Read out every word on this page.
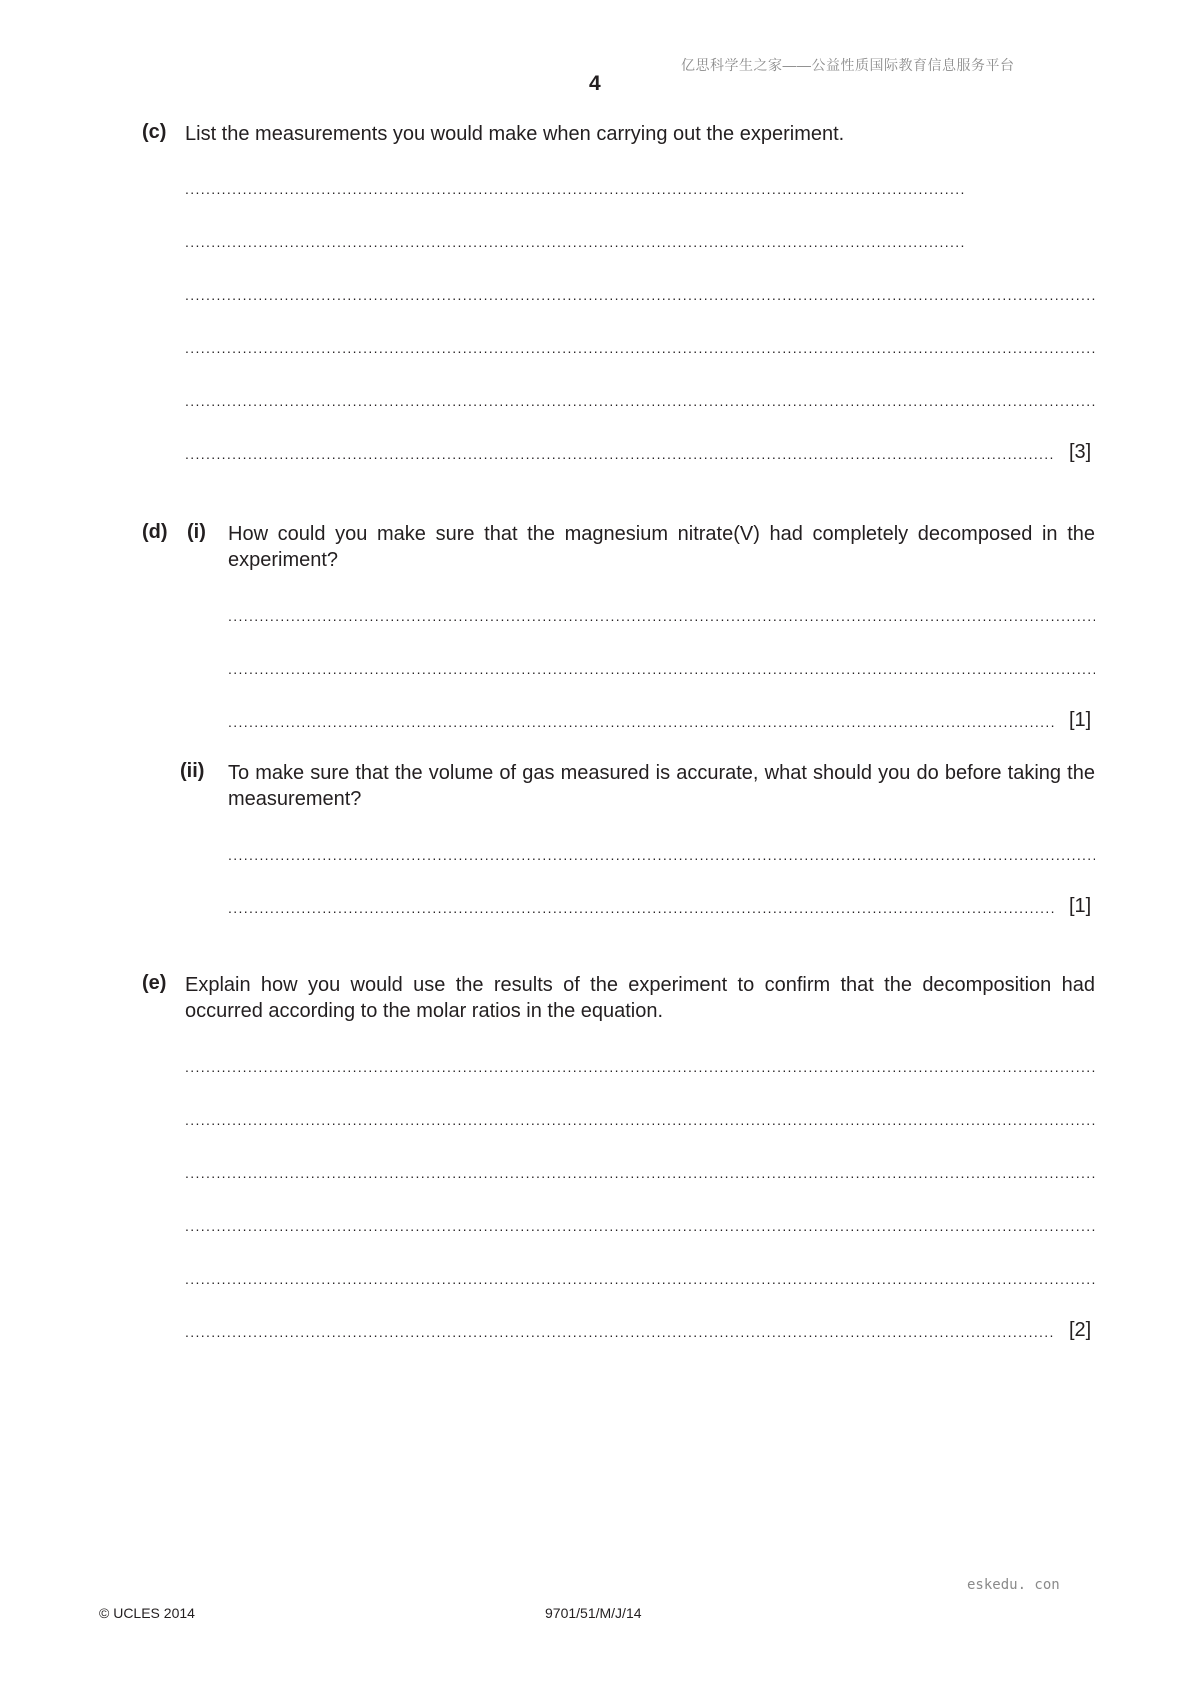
亿思科学生之家——公益性质国际教育信息服务平台
4
(c) List the measurements you would make when carrying out the experiment.
.....
.....
.....
.....
.....
.....
[3]
(d) (i) How could you make sure that the magnesium nitrate(V) had completely decomposed in the experiment?
.....
.....
.....
[1]
(ii) To make sure that the volume of gas measured is accurate, what should you do before taking the measurement?
.....
.....
[1]
(e) Explain how you would use the results of the experiment to confirm that the decomposition had occurred according to the molar ratios in the equation.
.....
.....
.....
.....
.....
.....
[2]
eskedu. con
© UCLES 2014	9701/51/M/J/14
